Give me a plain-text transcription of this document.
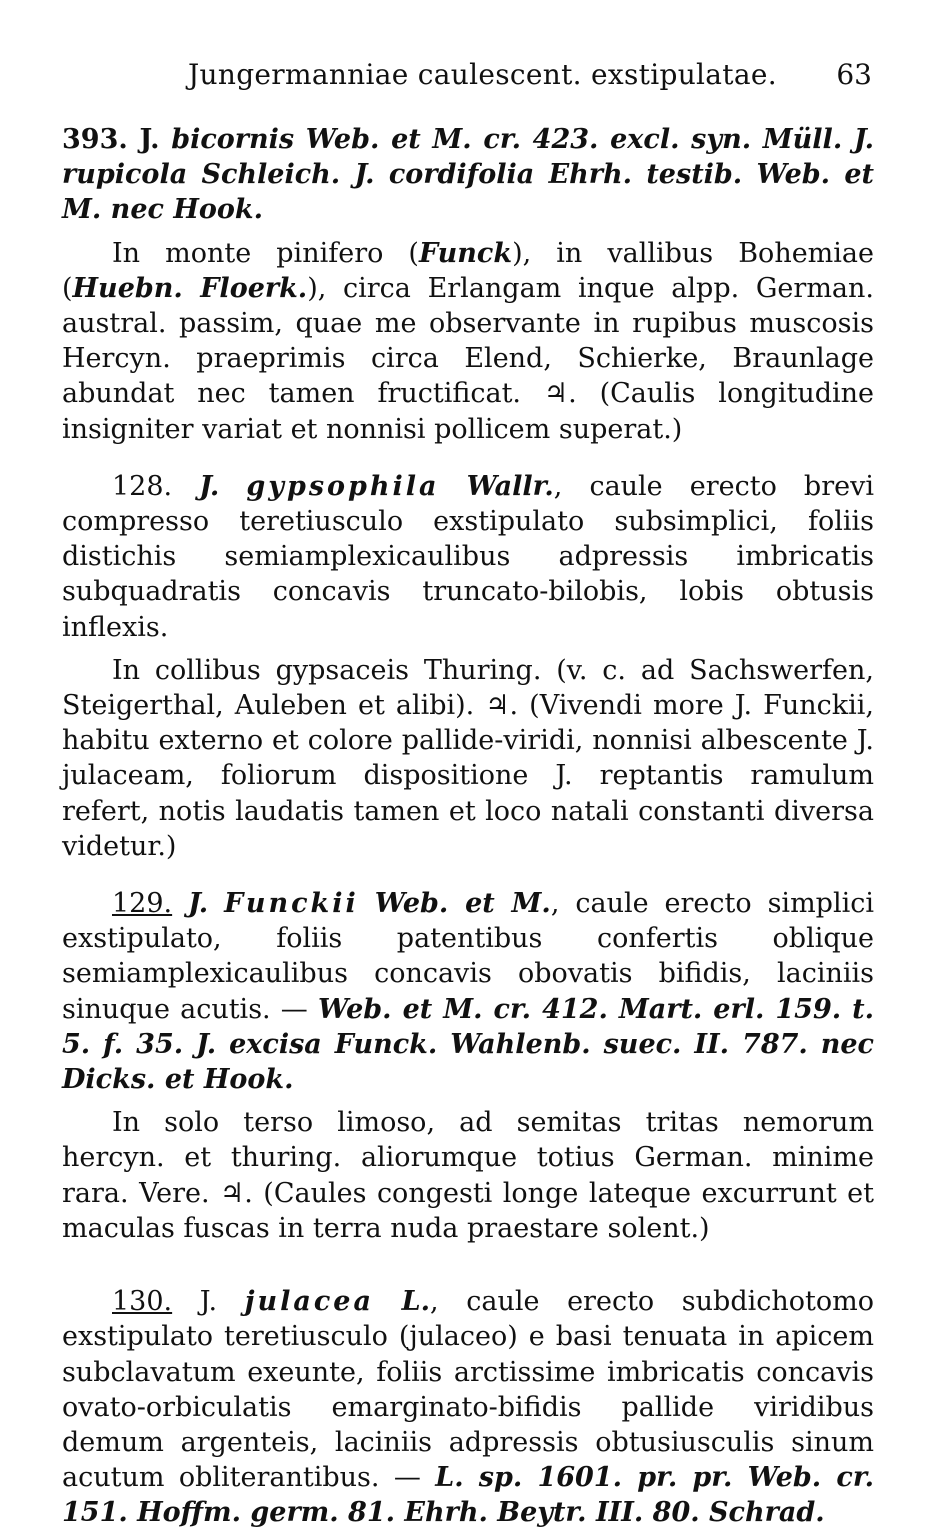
Jungermanniae caulescent. exstipulatae. 63

393. J. bicornis Web. et M. cr. 423. excl. syn. Müll. J. rupicola Schleich. J. cordifolia Ehrh. testib. Web. et M. nec Hook.

In monte pinifero (Funck), in vallibus Bohemiae (Huebn. Floerk.), circa Erlangam inque alpp. German. austral. passim, quae me observante in rupibus muscosis Hercyn. praeprimis circa Elend, Schierke, Braunlage abundat nec tamen fructificat. ♃. (Caulis longitudine insigniter variat et nonnisi pollicem superat.)

128. J. gypsophila Wallr., caule erecto brevi compresso teretiusculo exstipulato subsimplici, foliis distichis semiamplexicaulibus adpressis imbricatis subquadratis concavis truncato-bilobis, lobis obtusis inflexis.

In collibus gypsaceis Thuring. (v. c. ad Sachswerfen, Steigerthal, Auleben et alibi). ♃. (Vivendi more J. Funckii, habitu externo et colore pallide-viridi, nonnisi albescente J. julaceam, foliorum dispositione J. reptantis ramulum refert, notis laudatis tamen et loco natali constanti diversa videtur.)

129. J. Funckii Web. et M., caule erecto simplici exstipulato, foliis patentibus confertis oblique semiamplexicaulibus concavis obovatis bifidis, laciniis sinuque acutis. — Web. et M. cr. 412. Mart. erl. 159. t. 5. f. 35. J. excisa Funck. Wahlenb. suec. II. 787. nec Dicks. et Hook.

In solo terso limoso, ad semitas tritas nemorum hercyn. et thuring. aliorumque totius German. minime rara. Vere. ♃. (Caules congesti longe lateque excurrunt et maculas fuscas in terra nuda praestare solent.)

130. J. julacea L., caule erecto subdichotomo exstipulato teretiusculo (julaceo) e basi tenuata in apicem subclavatum exeunte, foliis arctissime imbricatis concavis ovato-orbiculatis emarginato-bifidis pallide viridibus demum argenteis, laciniis adpressis obtusiusculis sinum acutum obliterantibus. — L. sp. 1601. pr. pr. Web. cr. 151. Hoffm. germ. 81. Ehrh. Beytr. III. 80. Schrad.
